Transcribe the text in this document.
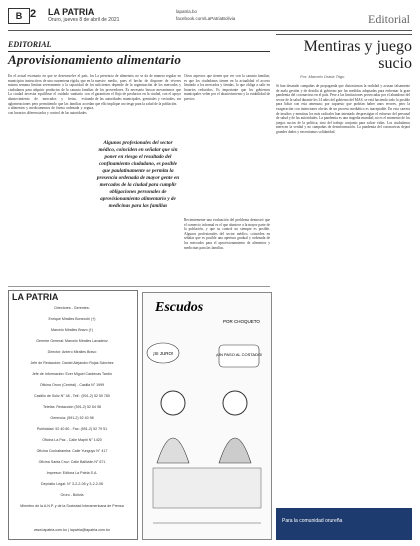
B 2 LA PATRIA
Oruro, jueves 8 de abril de 2021
lapatria.bo
facebook.com/LaPatriaBolivia	Editorial
EDITORIAL
Aprovisionamiento alimentario
En el actual escenario en que se desenvuelve el país, los municipios instructivos de una cuarentena rígida, que en la misma semana limitan severamente a la capacidad de los ciudadanos para adquirir productos de la canasta familiar. La ciudad necesita equilibrar el cuidado sanitario con el abastecimiento de mercados y ferias, evitando aglomeraciones pero permitiendo que las familias accedan a alimentos y medicamentos de forma ordenada y segura, con horarios diferenciados y control de las autoridades.
La presencia de alimentos no se da de manera regular en nuestro medio, pues el hecho de disponer de víveres suficientes depende de la organización de los mercados y de los proveedores. Es necesario buscar mecanismos que garanticen el flujo de productos en la ciudad, con el apoyo de las autoridades municipales, gremiales y vecinales, sin que ello implique un riesgo para la salud de la población.
Algunos profesionales del sector médico, coinciden en señalar que sin poner en riesgo el resultado del confinamiento ciudadano, es posible que paulatinamente se permita la presencia ordenada de mayor gente en mercados de la ciudad para cumplir obligaciones personales de aprovisionamiento alimentario y de medicinas para las familias
Otros aspectos que tienen que ver con la canasta familiar, es que los ciudadanos tienen en la actualidad el acceso limitado a los mercados y tiendas, lo que obliga a salir en horarios reducidos. Es importante que los gobiernos municipales velen por el abastecimiento y la estabilidad de precios.
Recientemente una evaluación del problema demostró que el comercio informal es el que abastece a la mayor parte de la población, y que su control no siempre es posible. Algunos profesionales del sector médico, coinciden en señalar que es posible una apertura gradual y ordenada de los mercados para el aprovisionamiento de alimentos y medicinas para las familias.
LA PATRIA
Directores - Gerentes:
Enrique Miralles Bonecchi (†)
Marcelo Miralles Bravo (†)
Gerente General: Marcelo Miralles Lavadenz
Director: Antero Miralles Bravo
Jefe de Redacción: Daniel Alejandro Rojas Sánchez
Jefe de Información: Ever Miguel Cardenas Tardío
Oficina Oruro (Central) - Casilla N° 1999
Castillo de Soliz N° 48 - Telf.: (591-2) 52 50 780
Telefax: Redacción (591-2) 52 64 98
Gerencia: (591-2) 52 40 98
Publicidad: 52 40 80 - Fax: (591-2) 52 79 51
Oficina La Paz - Calle Mapiri N° 1420
Oficina Cochabamba: Calle Yunguyo N° 417
Oficina Santa Cruz: Calle Ballivián N° 671
Impresor: Editora La Patria S.A.
Depósito Legal: N° 3-2-2-06 y 3-2-2-06
Oruro - Bolivia
Miembro de la A.N.P. y de la Sociedad Interamericana de Prensa
www.lapatria.com.bo | lapatria@lapatria.com.bo
Escudos
POR CHOQUETO
¡SI JURO!	¡UN PASO AL COSTADO!
Mentiras y juego sucio
Por: Marcelo Ostria Trigo
Si han desatado campañas de propaganda que distorsionan la realidad y acusan falsamente de mala gestión y de desidia al gobierno por las medidas adoptadas para enfrentar la gran pandemia del coronavirus en el país. Pese a las limitaciones provocadas por el abandono del sector de la salud durante los 14 años del gobierno del MAS, se está haciendo todo lo posible para lidiar con esta amenaza; por supuesto que podrían haber unos errores, pero la exageración con intenciones obvias de un proceso mediático es inaceptable. En esta carrera de insultos y mentiras los más radicales han intentado desprestigiar el esfuerzo del personal de salud y de las autoridades. La pandemia es una tragedia mundial; no es el momento de los juegos sucios de la política, sino del trabajo conjunto para salvar vidas. Los ciudadanos merecen la verdad y no campañas de desinformación. La pandemia del coronavirus dejará grandes daños y necesitamos solidaridad.
Para la comunidad orureña
